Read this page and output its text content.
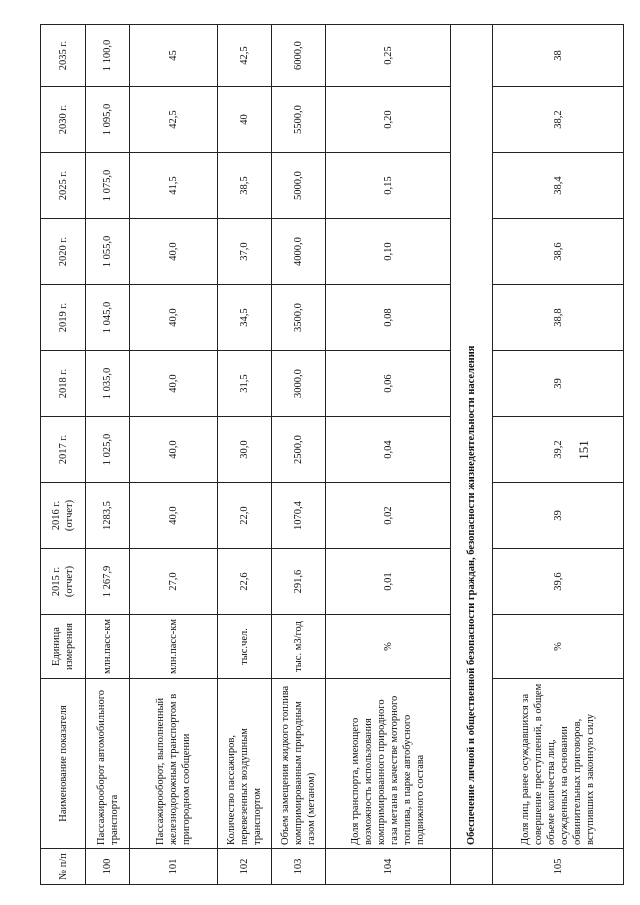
№ п/п	Наименование показателя	Единица измерения	2015 г. (отчет)	2016 г. (отчет)	2017 г.	2018 г.	2019 г.	2020 г.	2025 г.	2030 г.	2035 г.
100	Пассажирооборот автомобильного транспорта	млн.пасс-км	1 267,9	1283,5	1 025,0	1 035,0	1 045,0	1 055,0	1 075,0	1 095,0	1 100,0
101	Пассажирооборот, выполненный железнодорожным транспортом в пригородном сообщении	млн.пасс-км	27,0	40,0	40,0	40,0	40,0	40,0	41,5	42,5	45
102	Количество пассажиров, перевезенных воздушным транспортом	тыс.чел.	22,6	22,0	30,0	31,5	34,5	37,0	38,5	40	42,5
103	Объем замещения жидкого топлива компримированным природным газом (метаном)	тыс. м3/год	291,6	1070,4	2500,0	3000,0	3500,0	4000,0	5000,0	5500,0	6000,0
104	Доля транспорта, имеющего возможность использования компримированного природного газа метана в качестве моторного топлива, в парке автобусного подвижного состава	%	0,01	0,02	0,04	0,06	0,08	0,10	0,15	0,20	0,25
	Обеспечение личной и общественной безопасности граждан, безопасности жизнедеятельности населения										
105	Доля лиц, ранее осуждавшихся за совершение преступлений, в общем объеме количества лиц, осужденных на основании обвинительных приговоров, вступивших в законную силу	%	39,6	39	39,2	39	38,8	38,6	38,4	38,2	38
151
